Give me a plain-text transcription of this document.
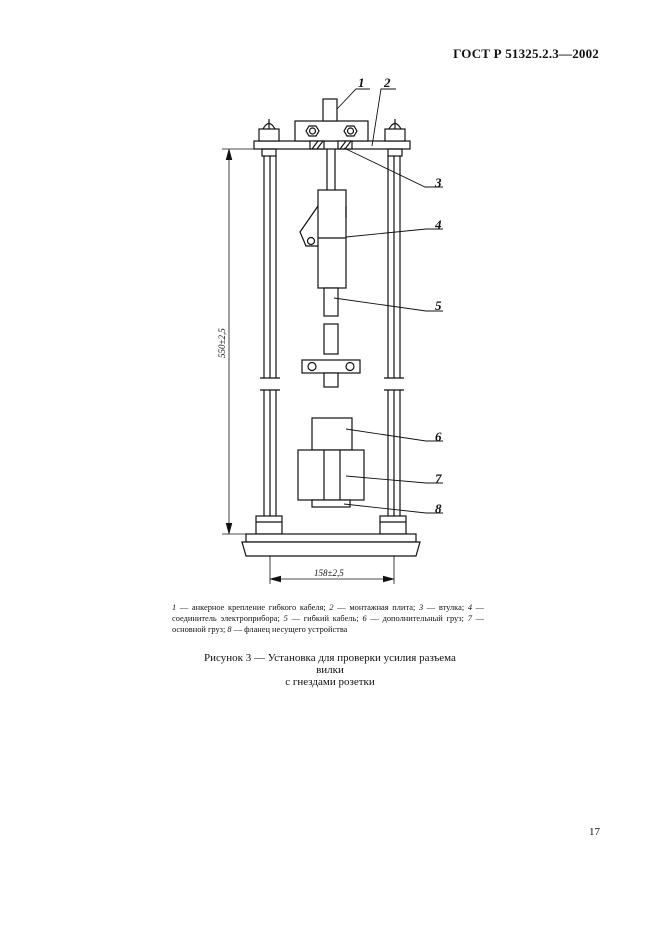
ГОСТ Р 51325.2.3—2002
1 2
3
4
5
6
7
8
550±2,5
158±2,5

1 — анкерное крепление гибкого кабеля; 2 — монтажная плита; 3 — втулка; 4 — соединитель электроприбора; 5 — гибкий кабель; 6 — дополнительный груз; 7 — основной груз; 8 — фланец несущего устройства

Рисунок 3 — Установка для проверки усилия разъема вилки
с гнездами розетки
17
